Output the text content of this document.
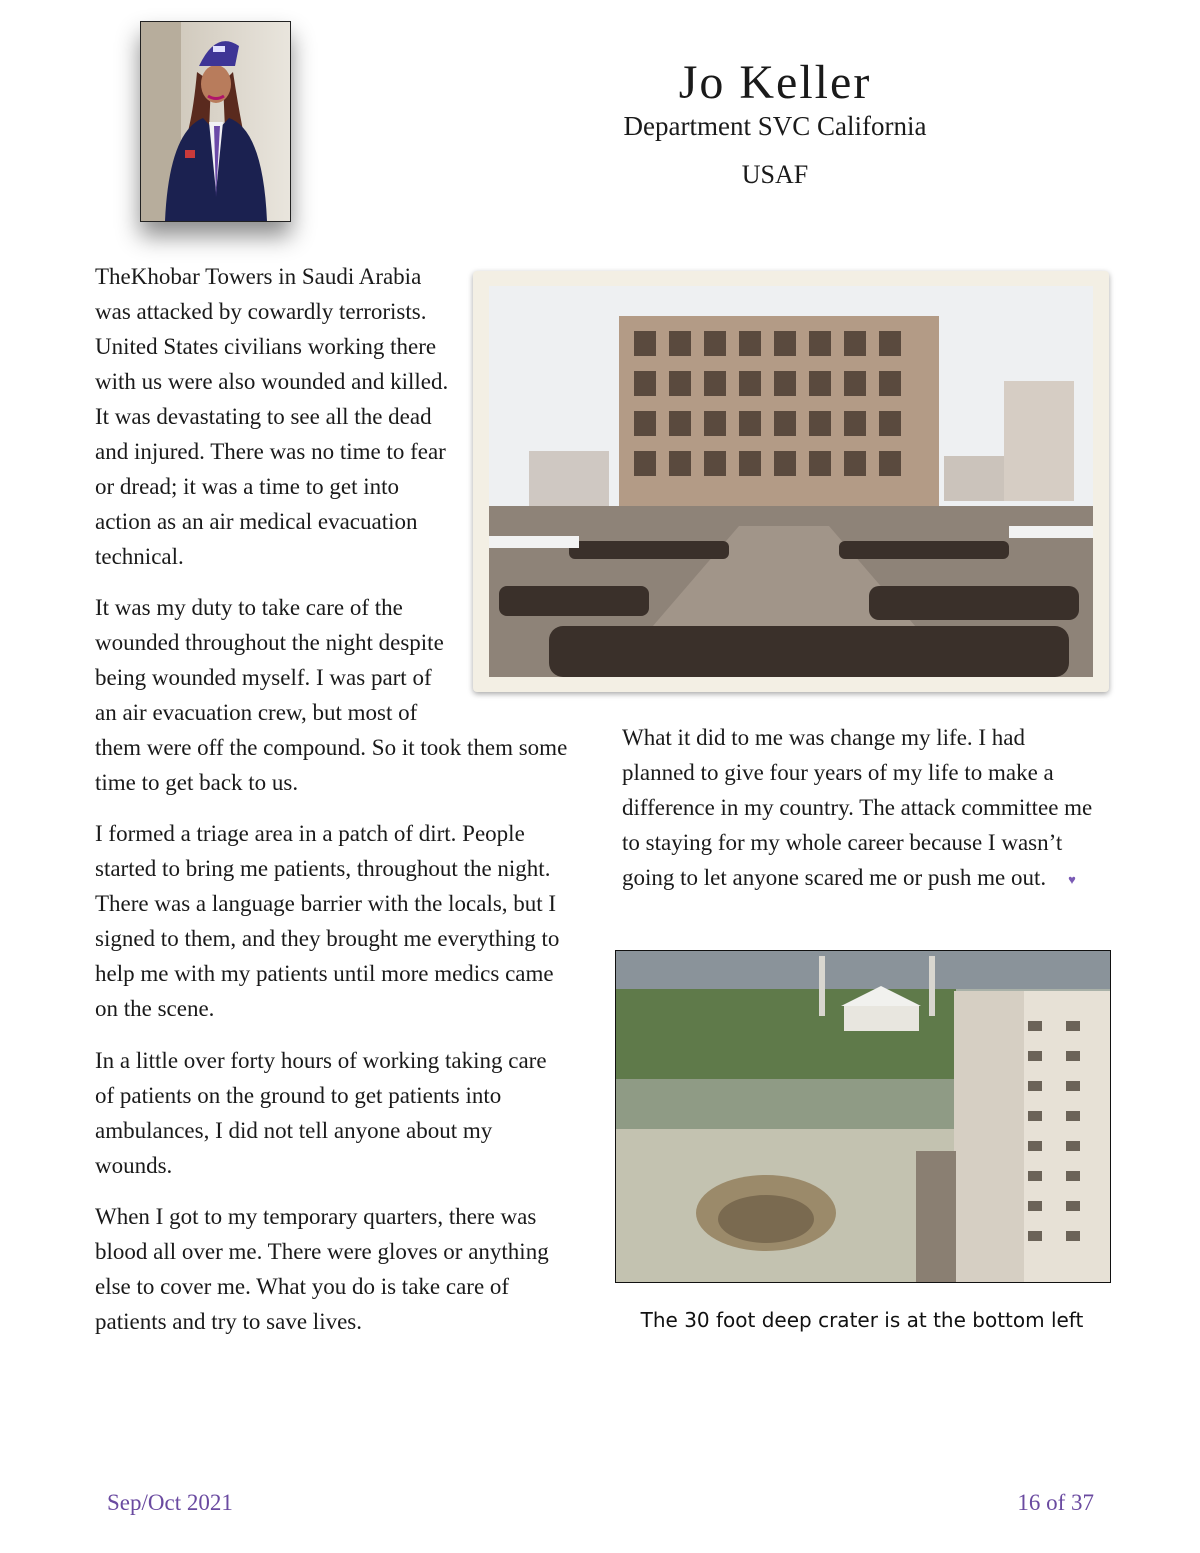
Jo Keller
Department SVC California
USAF

TheKhobar Towers in Saudi Arabia was attacked by cowardly terrorists. United States civilians working there with us were also wounded and killed. It was devastating to see all the dead and injured. There was no time to fear or dread; it was a time to get into action as an air medical evacuation technical.

It was my duty to take care of the wounded throughout the night despite being wounded myself. I was part of an air evacuation crew, but most of them were off the compound. So it took them some time to get back to us.

I formed a triage area in a patch of dirt. People started to bring me patients, throughout the night. There was a language barrier with the locals, but I signed to them, and they brought me everything to help me with my patients until more medics came on the scene.

In a little over forty hours of working taking care of patients on the ground to get patients into ambulances, I did not tell anyone about my wounds.

When I got to my temporary quarters, there was blood all over me. There were gloves or anything else to cover me. What you do is take care of patients and try to save lives.

What it did to me was change my life. I had planned to give four years of my life to make a difference in my country. The attack committee me to staying for my whole career because I wasn’t going to let anyone scared me or push me out. ♥

The 30 foot deep crater is at the bottom left
Sep/Oct 2021	16 of 37
